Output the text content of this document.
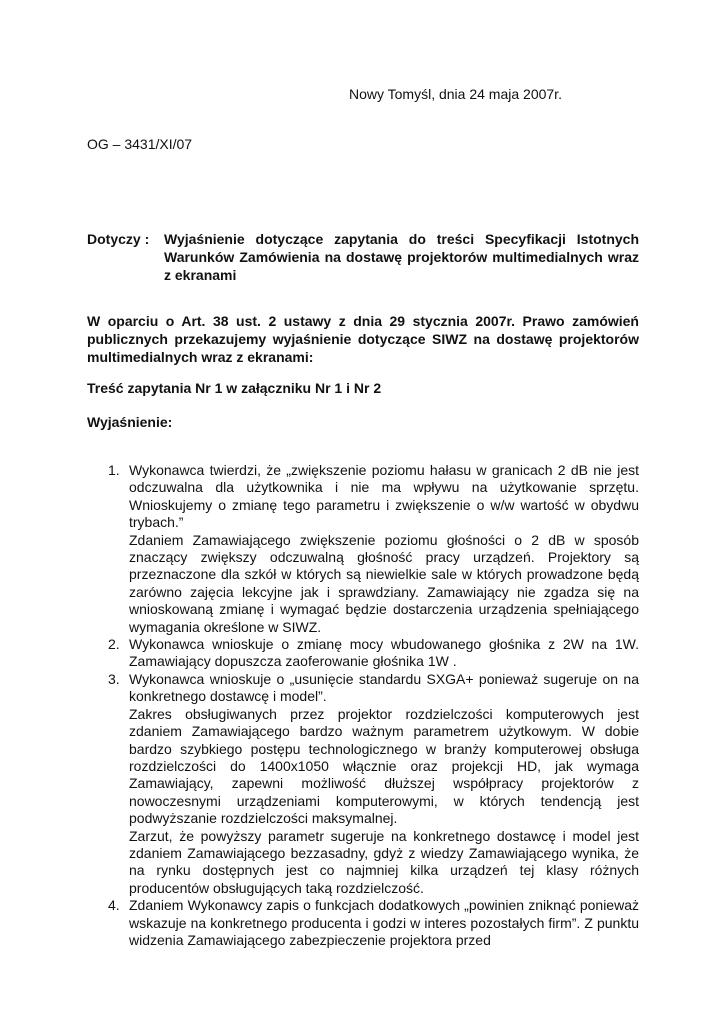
Nowy Tomyśl, dnia 24 maja 2007r.
OG – 3431/XI/07
Dotyczy : Wyjaśnienie dotyczące zapytania do treści Specyfikacji Istotnych Warunków Zamówienia na dostawę projektorów multimedialnych wraz z ekranami
W oparciu o Art. 38 ust. 2 ustawy z dnia 29 stycznia 2007r. Prawo zamówień publicznych przekazujemy wyjaśnienie dotyczące SIWZ na dostawę projektorów multimedialnych wraz z ekranami:
Treść zapytania Nr 1 w załączniku Nr 1 i Nr 2
Wyjaśnienie:
1. Wykonawca twierdzi, że „zwiększenie poziomu hałasu w granicach 2 dB nie jest odczuwalna dla użytkownika i nie ma wpływu na użytkowanie sprzętu. Wnioskujemy o zmianę tego parametru i zwiększenie o w/w wartość w obydwu trybach.”

Zdaniem Zamawiającego zwiększenie poziomu głośności o 2 dB w sposób znaczący zwiększy odczuwalną głośność pracy urządzeń. Projektory są przeznaczone dla szkół w których są niewielkie sale w których prowadzone będą zarówno zajęcia lekcyjne jak i sprawdziany. Zamawiający nie zgadza się na wnioskowaną zmianę i wymagać będzie dostarczenia urządzenia spełniającego wymagania określone w SIWZ.

2. Wykonawca wnioskuje o zmianę mocy wbudowanego głośnika z 2W na 1W. Zamawiający dopuszcza zaoferowanie głośnika 1W .

3. Wykonawca wnioskuje o „usunięcie standardu SXGA+ ponieważ sugeruje on na konkretnego dostawcę i model”.

Zakres obsługiwanych przez projektor rozdzielczości komputerowych jest zdaniem Zamawiającego bardzo ważnym parametrem użytkowym. W dobie bardzo szybkiego postępu technologicznego w branży komputerowej obsługa rozdzielczości do 1400x1050 włącznie oraz projekcji HD, jak wymaga Zamawiający, zapewni możliwość dłuższej współpracy projektorów z nowoczesnymi urządzeniami komputerowymi, w których tendencją jest podwyższanie rozdzielczości maksymalnej.

Zarzut, że powyższy parametr sugeruje na konkretnego dostawcę i model jest zdaniem Zamawiającego bezzasadny, gdyż z wiedzy Zamawiającego wynika, że na rynku dostępnych jest co najmniej kilka urządzeń tej klasy różnych producentów obsługujących taką rozdzielczość.

4. Zdaniem Wykonawcy zapis o funkcjach dodatkowych „powinien zniknąć ponieważ wskazuje na konkretnego producenta i godzi w interes pozostałych firm”. Z punktu widzenia Zamawiającego zabezpieczenie projektora przed
